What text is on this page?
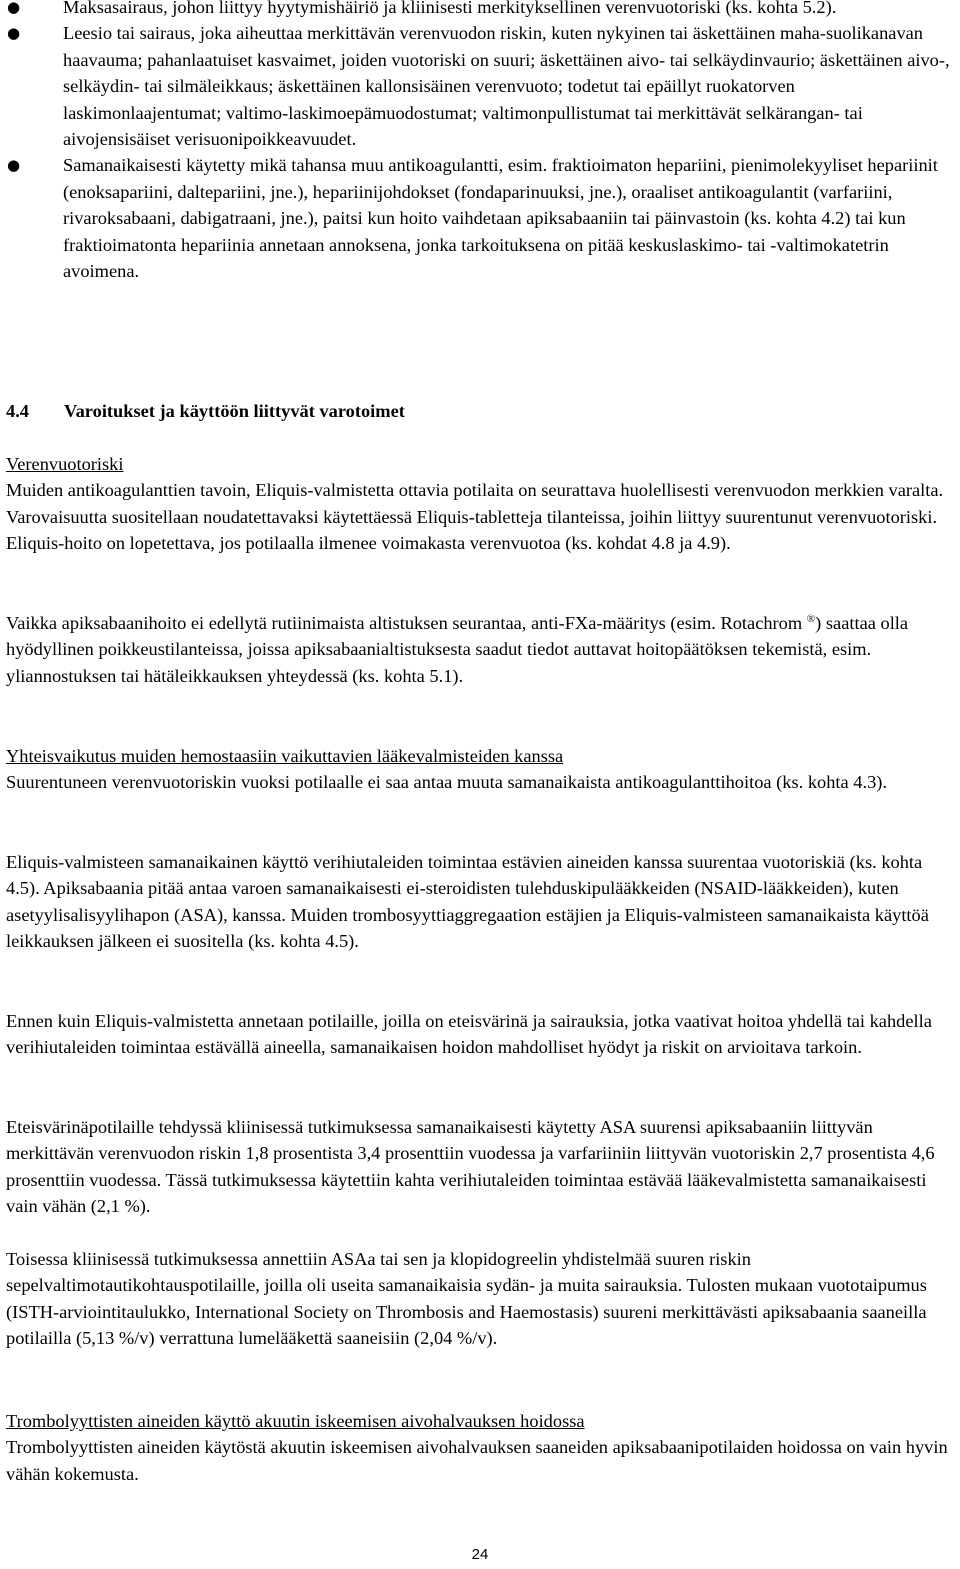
● Maksasairaus, johon liittyy hyytymishäiriö ja kliinisesti merkityksellinen verenvuotoriski (ks. kohta 5.2).
● Leesio tai sairaus, joka aiheuttaa merkittävän verenvuodon riskin, kuten nykyinen tai äskettäinen maha-suolikanavan haavauma; pahanlaatuiset kasvaimet, joiden vuotoriski on suuri; äskettäinen aivo- tai selkäydinvaurio; äskettäinen aivo-, selkäydin- tai silmäleikkaus; äskettäinen kallonsisäinen verenvuoto; todetut tai epäillyt ruokatorven laskimonlaajentumat; valtimo-laskimoepämuodostumat; valtimonpullistumat tai merkittävät selkärangan- tai aivojensisäiset verisuonipoikkeavuudet.
● Samanaikaisesti käytetty mikä tahansa muu antikoagulantti, esim. fraktioimaton hepariini, pienimolekyyliset hepariinit (enoksapariini, daltepariini, jne.), hepariinijohdokset (fondaparinuuksi, jne.), oraaliset antikoagulantit (varfariini, rivaroksabaani, dabigatraani, jne.), paitsi kun hoito vaihdetaan apiksabaaniin tai päinvastoin (ks. kohta 4.2) tai kun fraktioimatonta hepariinia annetaan annoksena, jonka tarkoituksena on pitää keskuslaskimo- tai -valtimokatetrin avoimena.
4.4 Varoitukset ja käyttöön liittyvät varotoimet

Verenvuotoriski

Muiden antikoagulanttien tavoin, Eliquis-valmistetta ottavia potilaita on seurattava huolellisesti verenvuodon merkkien varalta. Varovaisuutta suositellaan noudatettavaksi käytettäessä Eliquis-tabletteja tilanteissa, joihin liittyy suurentunut verenvuotoriski. Eliquis-hoito on lopetettava, jos potilaalla ilmenee voimakasta verenvuotoa (ks. kohdat 4.8 ja 4.9).

Vaikka apiksabaanihoito ei edellytä rutiinimaista altistuksen seurantaa, anti-FXa-määritys (esim. Rotachrom ®) saattaa olla hyödyllinen poikkeustilanteissa, joissa apiksabaanialtistuksesta saadut tiedot auttavat hoitopäätöksen tekemistä, esim. yliannostuksen tai hätäleikkauksen yhteydessä (ks. kohta 5.1).

Yhteisvaikutus muiden hemostaasiin vaikuttavien lääkevalmisteiden kanssa

Suurentuneen verenvuotoriskin vuoksi potilaalle ei saa antaa muuta samanaikaista antikoagulanttihoitoa (ks. kohta 4.3).

Eliquis-valmisteen samanaikainen käyttö verihiutaleiden toimintaa estävien aineiden kanssa suurentaa vuotoriskiä (ks. kohta 4.5). Apiksabaania pitää antaa varoen samanaikaisesti ei-steroidisten tulehduskipulääkkeiden (NSAID-lääkkeiden), kuten asetyylisalisyylihapon (ASA), kanssa. Muiden trombosyyttiaggregaation estäjien ja Eliquis-valmisteen samanaikaista käyttöä leikkauksen jälkeen ei suositella (ks. kohta 4.5).

Ennen kuin Eliquis-valmistetta annetaan potilaille, joilla on eteisvärinä ja sairauksia, jotka vaativat hoitoa yhdellä tai kahdella verihiutaleiden toimintaa estävällä aineella, samanaikaisen hoidon mahdolliset hyödyt ja riskit on arvioitava tarkoin.

Eteisvärinäpotilaille tehdyssä kliinisessä tutkimuksessa samanaikaisesti käytetty ASA suurensi apiksabaaniin liittyvän merkittävän verenvuodon riskin 1,8 prosentista 3,4 prosenttiin vuodessa ja varfariiniin liittyvän vuotoriskin 2,7 prosentista 4,6 prosenttiin vuodessa. Tässä tutkimuksessa käytettiin kahta verihiutaleiden toimintaa estävää lääkevalmistetta samanaikaisesti vain vähän (2,1 %).

Toisessa kliinisessä tutkimuksessa annettiin ASAa tai sen ja klopidogreelin yhdistelmää suuren riskin sepelvaltimotautikohtauspotilaille, joilla oli useita samanaikaisia sydän- ja muita sairauksia. Tulosten mukaan vuototaipumus (ISTH-arviointitaulukko, International Society on Thrombosis and Haemostasis) suureni merkittävästi apiksabaania saaneilla potilailla (5,13 %/v) verrattuna lumelääkettä saaneisiin (2,04 %/v).

Trombolyyttisten aineiden käyttö akuutin iskeemisen aivohalvauksen hoidossa

Trombolyyttisten aineiden käytöstä akuutin iskeemisen aivohalvauksen saaneiden apiksabaanipotilaiden hoidossa on vain hyvin vähän kokemusta.

24
